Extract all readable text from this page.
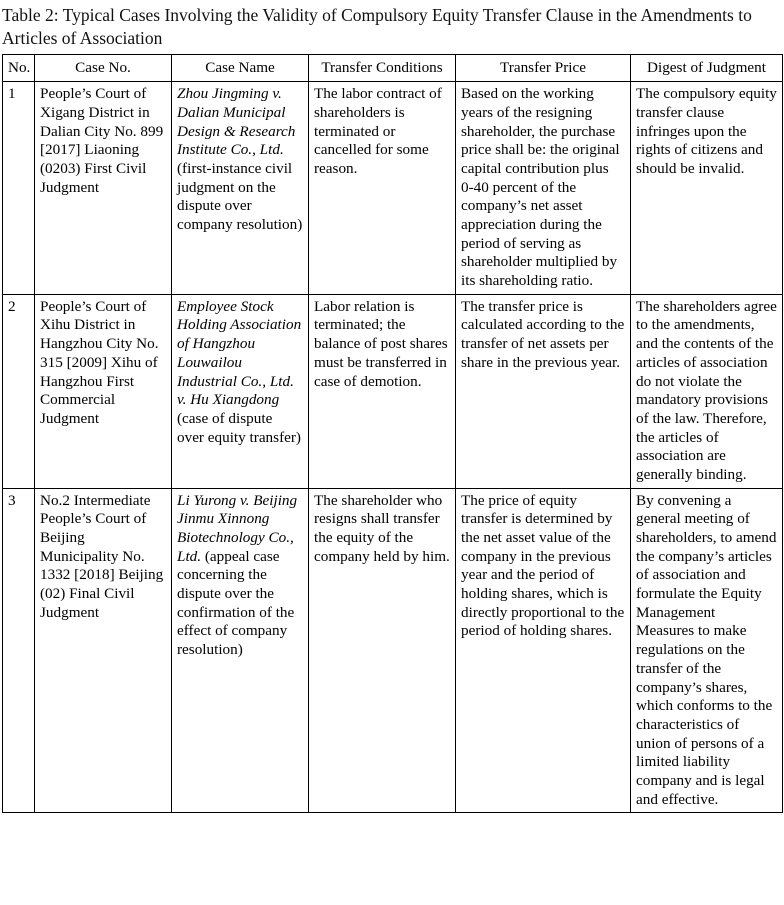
Table 2: Typical Cases Involving the Validity of Compulsory Equity Transfer Clause in the Amendments to Articles of Association
No.	Case No.	Case Name	Transfer Conditions	Transfer Price	Digest of Judgment
1	People’s Court of Xigang District in Dalian City No. 899 [2017] Liaoning (0203) First Civil Judgment	Zhou Jingming v. Dalian Municipal Design & Research Institute Co., Ltd. (first-instance civil judgment on the dispute over company resolution)	The labor contract of shareholders is terminated or cancelled for some reason.	Based on the working years of the resigning shareholder, the purchase price shall be: the original capital contribution plus 0-40 percent of the company’s net asset appreciation during the period of serving as shareholder multiplied by its shareholding ratio.	The compulsory equity transfer clause infringes upon the rights of citizens and should be invalid.
2	People’s Court of Xihu District in Hangzhou City No. 315 [2009] Xihu of Hangzhou First Commercial Judgment	Employee Stock Holding Association of Hangzhou Louwailou Industrial Co., Ltd. v. Hu Xiangdong (case of dispute over equity transfer)	Labor relation is terminated; the balance of post shares must be transferred in case of demotion.	The transfer price is calculated according to the transfer of net assets per share in the previous year.	The shareholders agree to the amendments, and the contents of the articles of association do not violate the mandatory provisions of the law. Therefore, the articles of association are generally binding.
3	No.2 Intermediate People’s Court of Beijing Municipality No. 1332 [2018] Beijing (02) Final Civil Judgment	Li Yurong v. Beijing Jinmu Xinnong Biotechnology Co., Ltd. (appeal case concerning the dispute over the confirmation of the effect of company resolution)	The shareholder who resigns shall transfer the equity of the company held by him.	The price of equity transfer is determined by the net asset value of the company in the previous year and the period of holding shares, which is directly proportional to the period of holding shares.	By convening a general meeting of shareholders, to amend the company’s articles of association and formulate the Equity Management Measures to make regulations on the transfer of the company’s shares, which conforms to the characteristics of union of persons of a limited liability company and is legal and effective.
